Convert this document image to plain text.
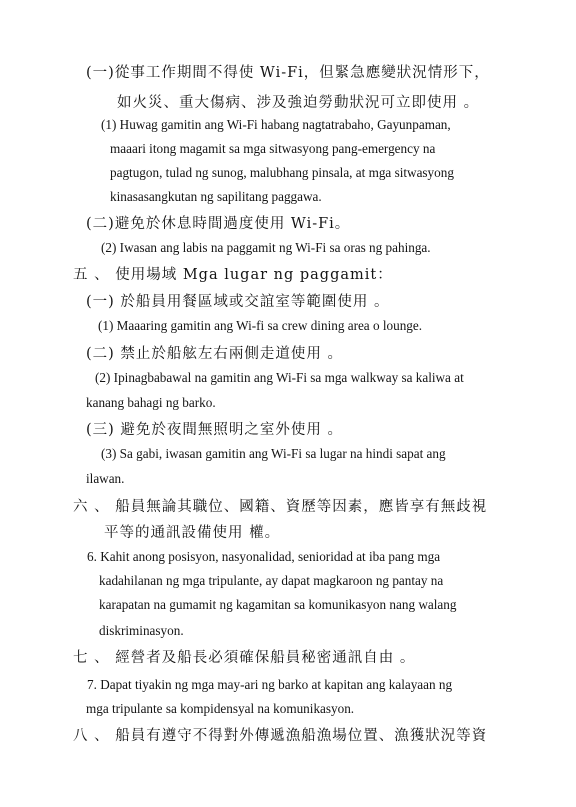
(一)從事工作期間不得使 Wi-Fi，但緊急應變狀況情形下，
如火災、重大傷病、涉及強迫勞動狀況可立即使用 。
(1) Huwag gamitin ang Wi-Fi habang nagtatrabaho, Gayunpaman,
maaari itong magamit sa mga sitwasyong pang-emergency na
pagtugon, tulad ng sunog, malubhang pinsala, at mga sitwasyong
kinasasangkutan ng sapilitang paggawa.
(二)避免於休息時間過度使用 Wi-Fi。
(2) Iwasan ang labis na paggamit ng Wi-Fi sa oras ng pahinga.
五 、 使用場域 Mga lugar ng paggamit：
(一) 於船員用餐區域或交誼室等範圍使用 。
(1) Maaaring gamitin ang Wi-fi sa crew dining area o lounge.
(二) 禁止於船舷左右兩側走道使用 。
(2) Ipinagbabawal na gamitin ang Wi-Fi sa mga walkway sa kaliwa at
kanang bahagi ng barko.
(三) 避免於夜間無照明之室外使用 。
(3) Sa gabi, iwasan gamitin ang Wi-Fi sa lugar na hindi sapat ang
ilawan.
六 、 船員無論其職位、國籍、資歷等因素，應皆享有無歧視
平等的通訊設備使用 權。
6. Kahit anong posisyon, nasyonalidad, senioridad at iba pang mga
kadahilanan ng mga tripulante, ay dapat magkaroon ng pantay na
karapatan na gumamit ng kagamitan sa komunikasyon nang walang
diskriminasyon.
七 、 經營者及船長必須確保船員秘密通訊自由 。
7. Dapat tiyakin ng mga may-ari ng barko at kapitan ang kalayaan ng
mga tripulante sa kompidensyal na komunikasyon.
八 、 船員有遵守不得對外傳遞漁船漁場位置、漁獲狀況等資
